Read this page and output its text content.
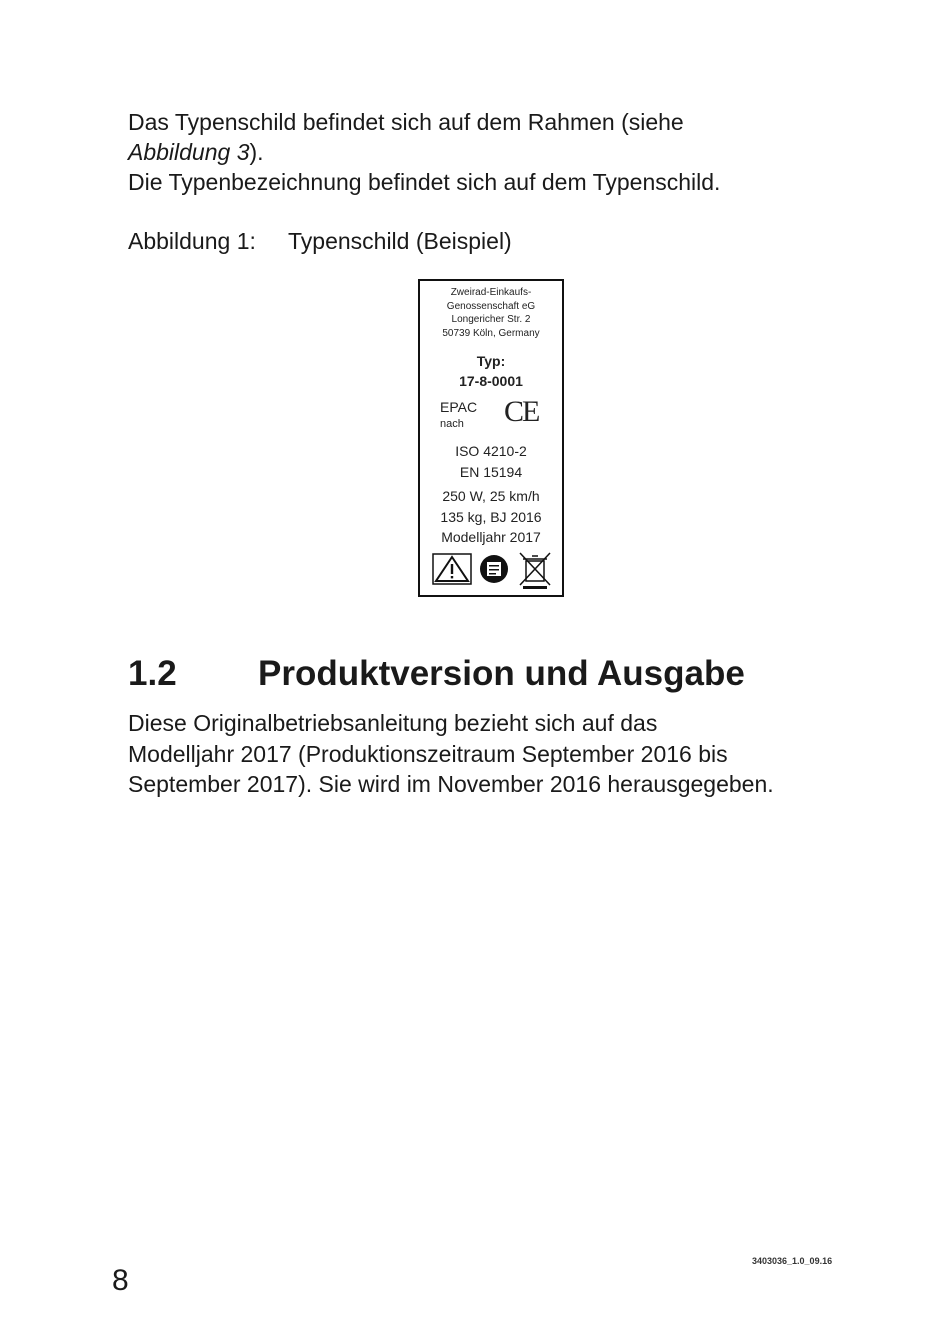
Das Typenschild befindet sich auf dem Rahmen (siehe
Abbildung 3).
Die Typenbezeichnung befindet sich auf dem Typenschild.

Abbildung 1: Typenschild (Beispiel)

Zweirad-Einkaufs-
Genossenschaft eG
Longericher Str. 2
50739 Köln, Germany
Typ:
17-8-0001
EPAC
nach CE
ISO 4210-2
EN 15194
250 W, 25 km/h
135 kg, BJ 2016
Modelljahr 2017
1.2 Produktversion und Ausgabe
Diese Originalbetriebsanleitung bezieht sich auf das
Modelljahr 2017 (Produktionszeitraum September 2016 bis
September 2017). Sie wird im November 2016 herausgegeben.

8

3403036_1.0_09.16
